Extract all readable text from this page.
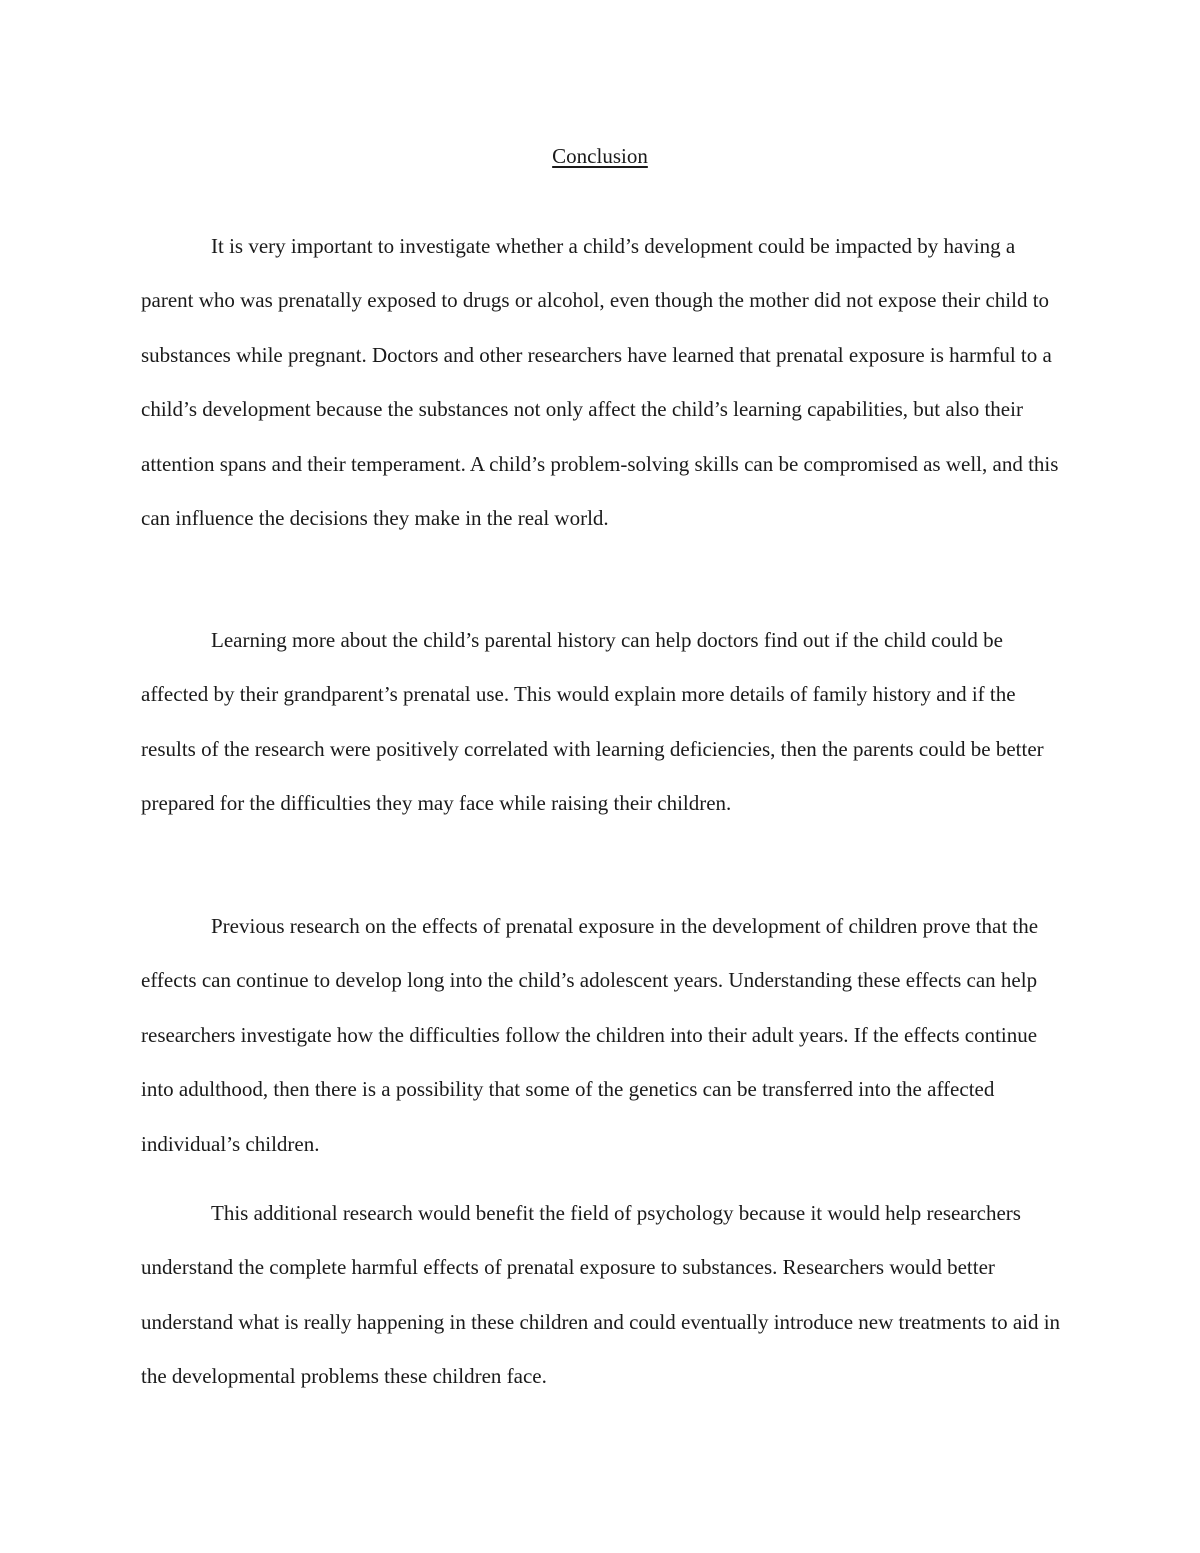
Conclusion

It is very important to investigate whether a child’s development could be impacted by having a parent who was prenatally exposed to drugs or alcohol, even though the mother did not expose their child to substances while pregnant. Doctors and other researchers have learned that prenatal exposure is harmful to a child’s development because the substances not only affect the child’s learning capabilities, but also their attention spans and their temperament. A child’s problem-solving skills can be compromised as well, and this can influence the decisions they make in the real world.

Learning more about the child’s parental history can help doctors find out if the child could be affected by their grandparent’s prenatal use. This would explain more details of family history and if the results of the research were positively correlated with learning deficiencies, then the parents could be better prepared for the difficulties they may face while raising their children.

Previous research on the effects of prenatal exposure in the development of children prove that the effects can continue to develop long into the child’s adolescent years. Understanding these effects can help researchers investigate how the difficulties follow the children into their adult years. If the effects continue into adulthood, then there is a possibility that some of the genetics can be transferred into the affected individual’s children.

This additional research would benefit the field of psychology because it would help researchers understand the complete harmful effects of prenatal exposure to substances. Researchers would better understand what is really happening in these children and could eventually introduce new treatments to aid in the developmental problems these children face.
